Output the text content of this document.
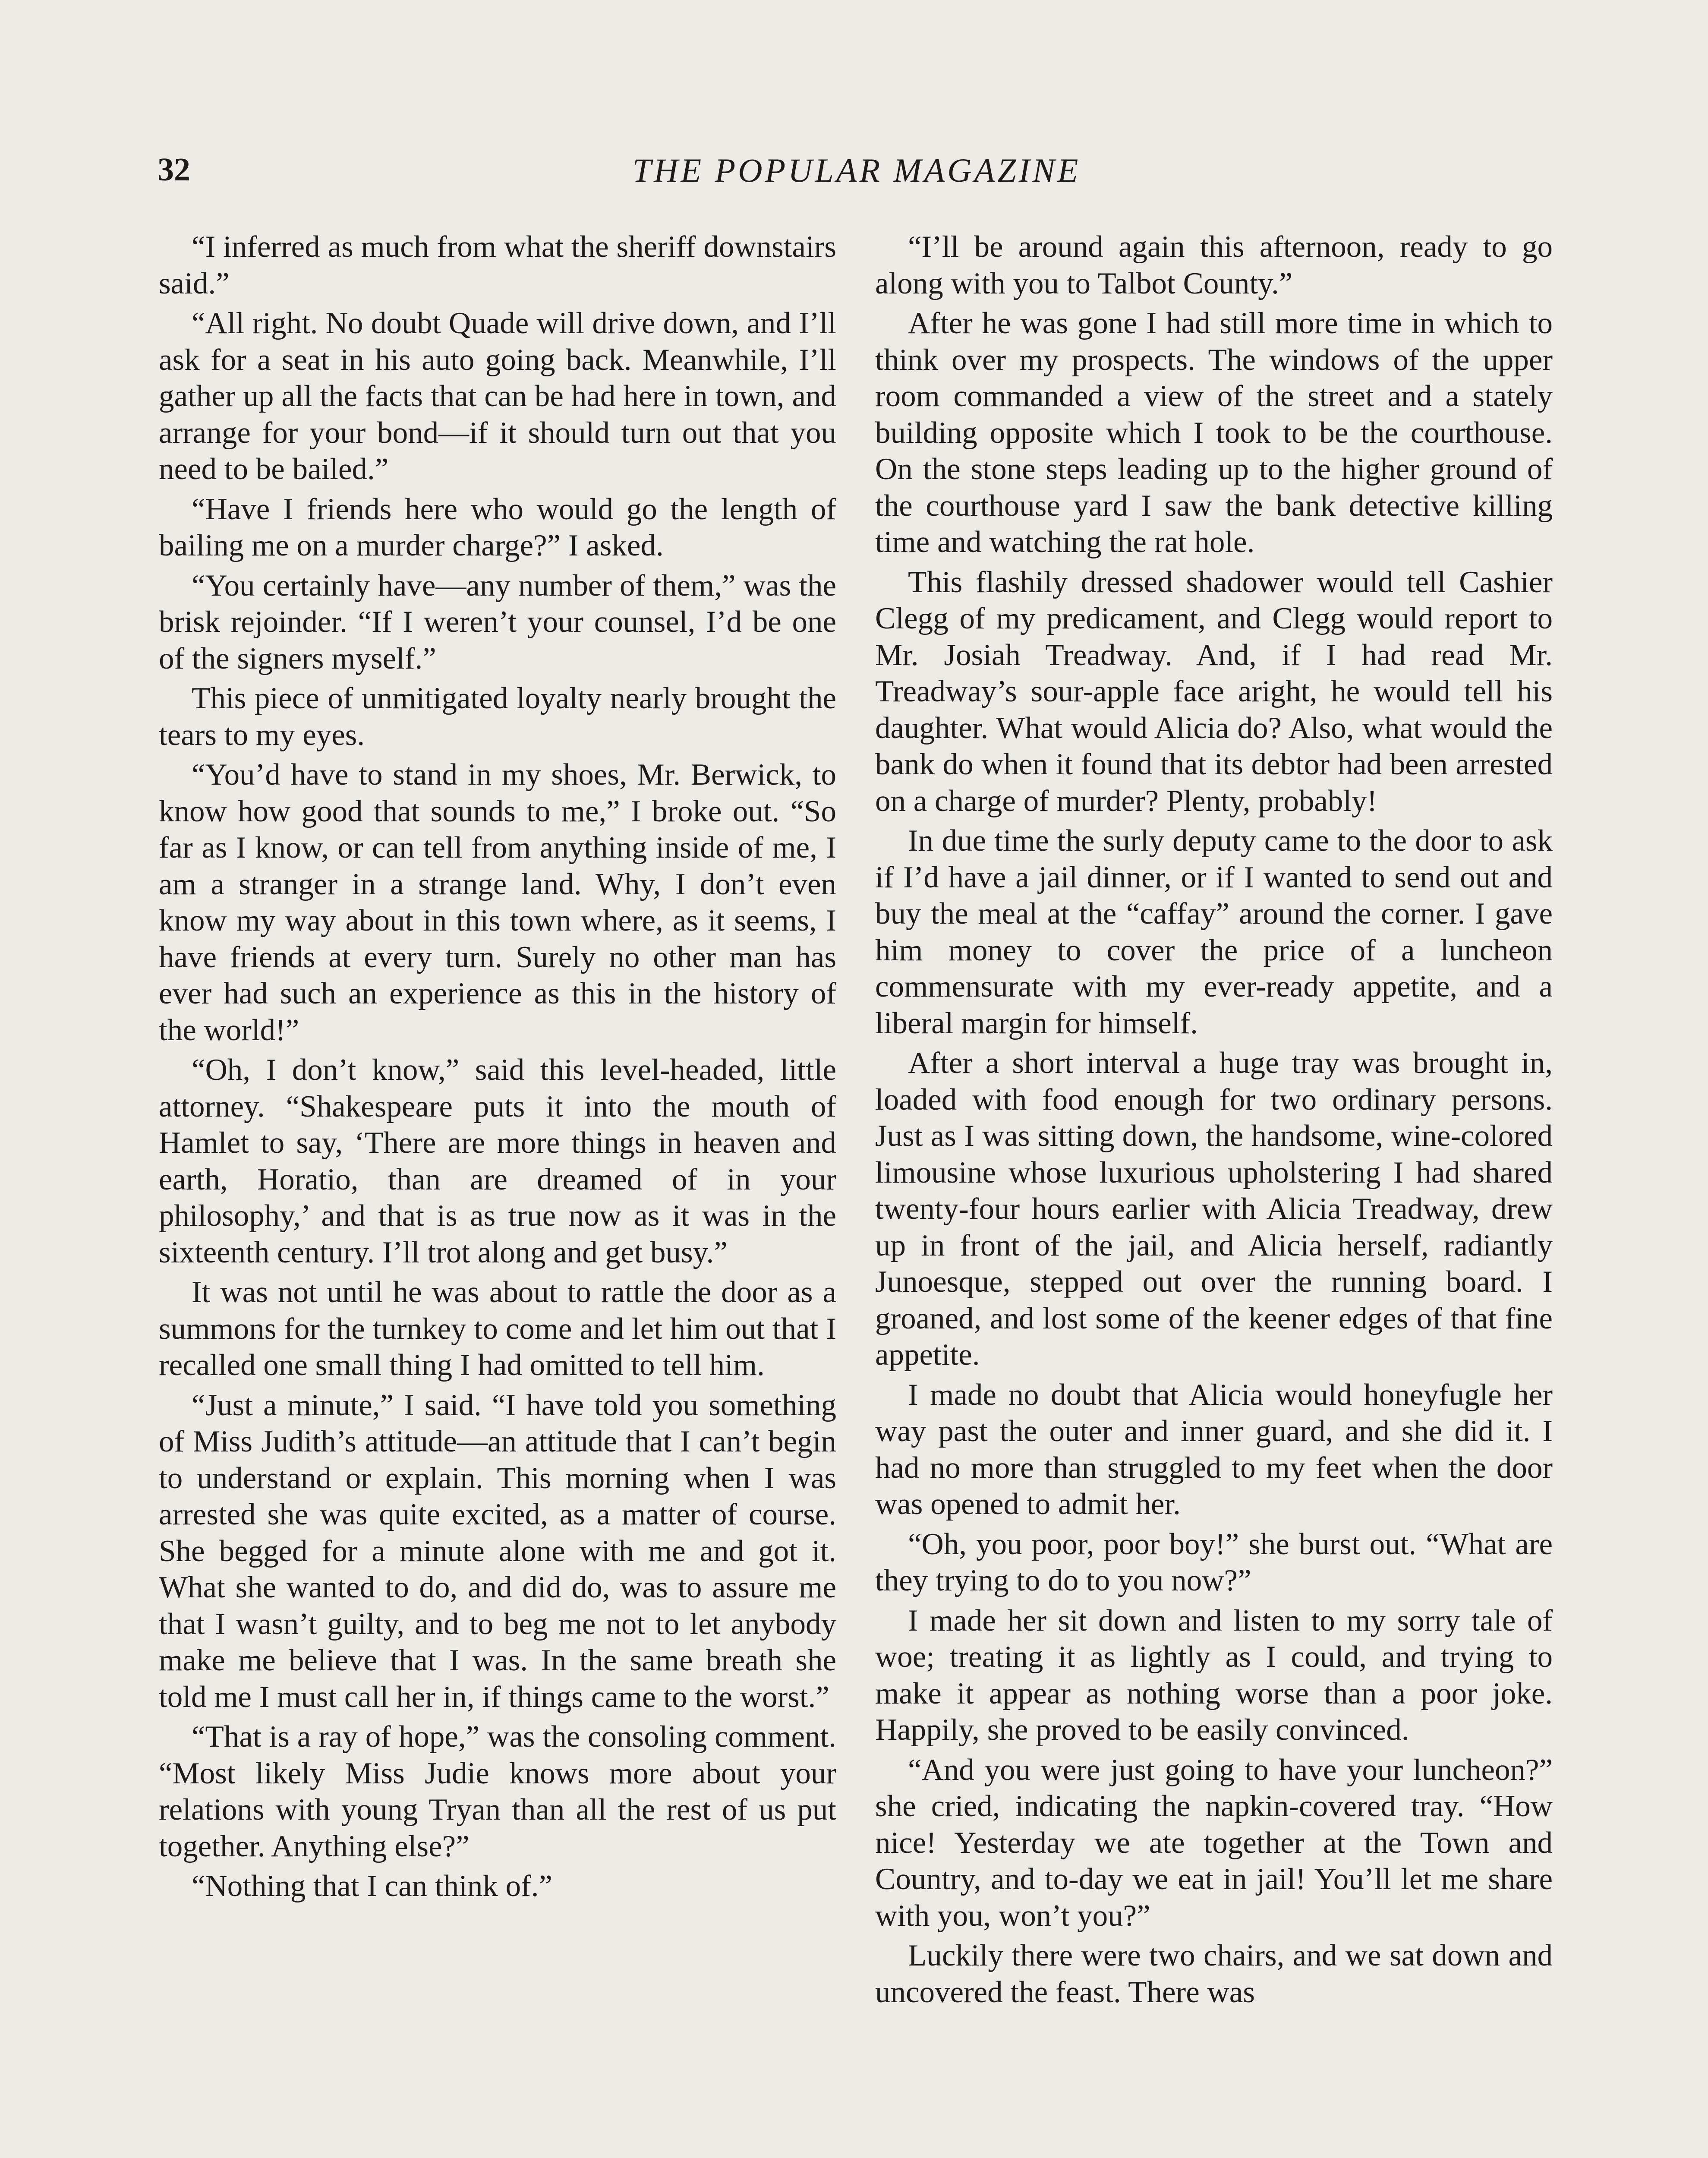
32	THE POPULAR MAGAZINE

“I inferred as much from what the sheriff downstairs said.”

“All right. No doubt Quade will drive down, and I’ll ask for a seat in his auto going back. Meanwhile, I’ll gather up all the facts that can be had here in town, and arrange for your bond—if it should turn out that you need to be bailed.”

“Have I friends here who would go the length of bailing me on a murder charge?” I asked.

“You certainly have—any number of them,” was the brisk rejoinder. “If I weren’t your counsel, I’d be one of the signers myself.”

This piece of unmitigated loyalty nearly brought the tears to my eyes.

“You’d have to stand in my shoes, Mr. Berwick, to know how good that sounds to me,” I broke out. “So far as I know, or can tell from anything inside of me, I am a stranger in a strange land. Why, I don’t even know my way about in this town where, as it seems, I have friends at every turn. Surely no other man has ever had such an experience as this in the history of the world!”

“Oh, I don’t know,” said this level-headed, little attorney. “Shakespeare puts it into the mouth of Hamlet to say, ‘There are more things in heaven and earth, Horatio, than are dreamed of in your philosophy,’ and that is as true now as it was in the sixteenth century. I’ll trot along and get busy.”

It was not until he was about to rattle the door as a summons for the turnkey to come and let him out that I recalled one small thing I had omitted to tell him.

“Just a minute,” I said. “I have told you something of Miss Judith’s attitude—an attitude that I can’t begin to understand or explain. This morning when I was arrested she was quite excited, as a matter of course. She begged for a minute alone with me and got it. What she wanted to do, and did do, was to assure me that I wasn’t guilty, and to beg me not to let anybody make me believe that I was. In the same breath she told me I must call her in, if things came to the worst.”

“That is a ray of hope,” was the consoling comment. “Most likely Miss Judie knows more about your relations with young Tryan than all the rest of us put together. Anything else?”

“Nothing that I can think of.”

“I’ll be around again this afternoon, ready to go along with you to Talbot County.”

After he was gone I had still more time in which to think over my prospects. The windows of the upper room commanded a view of the street and a stately building opposite which I took to be the courthouse. On the stone steps leading up to the higher ground of the courthouse yard I saw the bank detective killing time and watching the rat hole.

This flashily dressed shadower would tell Cashier Clegg of my predicament, and Clegg would report to Mr. Josiah Treadway. And, if I had read Mr. Treadway’s sour-apple face aright, he would tell his daughter. What would Alicia do? Also, what would the bank do when it found that its debtor had been arrested on a charge of murder? Plenty, probably!

In due time the surly deputy came to the door to ask if I’d have a jail dinner, or if I wanted to send out and buy the meal at the “caffay” around the corner. I gave him money to cover the price of a luncheon commensurate with my ever-ready appetite, and a liberal margin for himself.

After a short interval a huge tray was brought in, loaded with food enough for two ordinary persons. Just as I was sitting down, the handsome, wine-colored limousine whose luxurious upholstering I had shared twenty-four hours earlier with Alicia Treadway, drew up in front of the jail, and Alicia herself, radiantly Junoesque, stepped out over the running board. I groaned, and lost some of the keener edges of that fine appetite.

I made no doubt that Alicia would honeyfugle her way past the outer and inner guard, and she did it. I had no more than struggled to my feet when the door was opened to admit her.

“Oh, you poor, poor boy!” she burst out. “What are they trying to do to you now?”

I made her sit down and listen to my sorry tale of woe; treating it as lightly as I could, and trying to make it appear as nothing worse than a poor joke. Happily, she proved to be easily convinced.

“And you were just going to have your luncheon?” she cried, indicating the napkin-covered tray. “How nice! Yesterday we ate together at the Town and Country, and to-day we eat in jail! You’ll let me share with you, won’t you?”

Luckily there were two chairs, and we sat down and uncovered the feast. There was
